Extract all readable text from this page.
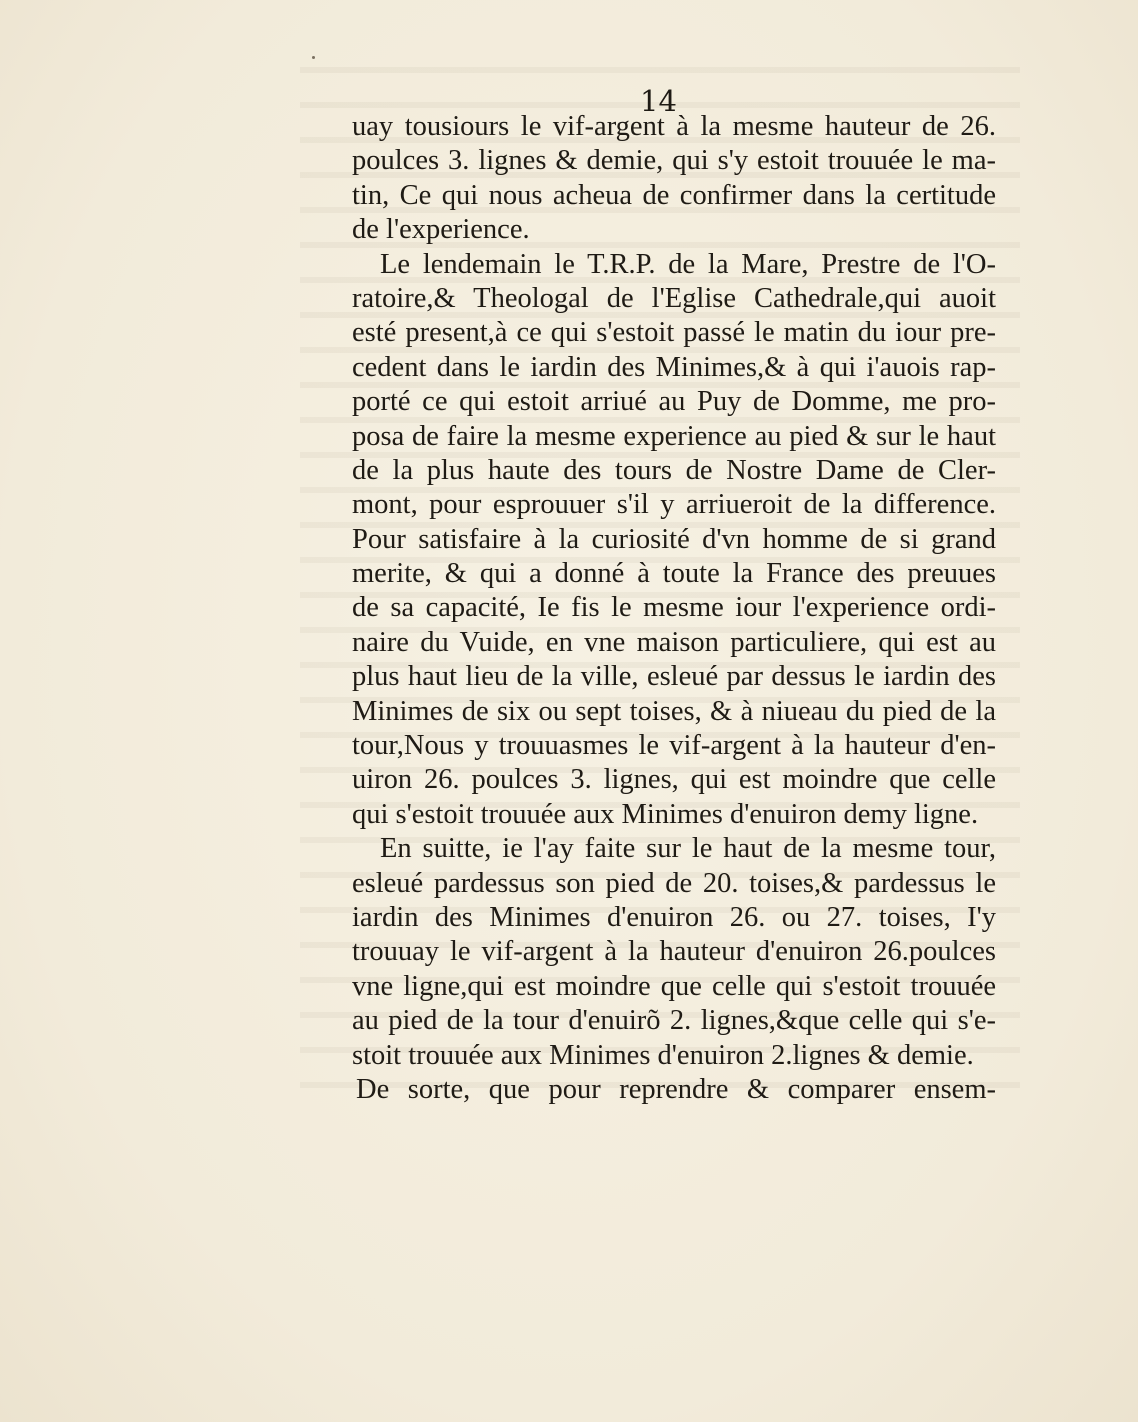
14
uay tousiours le vif-argent à la mesme hauteur de 26.
poulces 3. lignes & demie, qui s'y estoit trouuée le ma-
tin, Ce qui nous acheua de confirmer dans la certitude
de l'experience.
Le lendemain le T.R.P. de la Mare, Prestre de l'O-
ratoire,& Theologal de l'Eglise Cathedrale,qui auoit
esté present,à ce qui s'estoit passé le matin du iour pre-
cedent dans le iardin des Minimes,& à qui i'auois rap-
porté ce qui estoit arriué au Puy de Domme, me pro-
posa de faire la mesme experience au pied & sur le haut
de la plus haute des tours de Nostre Dame de Cler-
mont, pour esprouuer s'il y arriueroit de la difference.
Pour satisfaire à la curiosité d'vn homme de si grand
merite, & qui a donné à toute la France des preuues
de sa capacité, Ie fis le mesme iour l'experience ordi-
naire du Vuide, en vne maison particuliere, qui est au
plus haut lieu de la ville, esleué par dessus le iardin des
Minimes de six ou sept toises, & à niueau du pied de la
tour,Nous y trouuasmes le vif-argent à la hauteur d'en-
uiron 26. poulces 3. lignes, qui est moindre que celle
qui s'estoit trouuée aux Minimes d'enuiron demy ligne.
En suitte, ie l'ay faite sur le haut de la mesme tour,
esleué pardessus son pied de 20. toises,& pardessus le
iardin des Minimes d'enuiron 26. ou 27. toises, I'y
trouuay le vif-argent à la hauteur d'enuiron 26.poulces
vne ligne,qui est moindre que celle qui s'estoit trouuée
au pied de la tour d'enuirõ 2. lignes,&que celle qui s'e-
stoit trouuée aux Minimes d'enuiron 2.lignes & demie.
De sorte, que pour reprendre & comparer ensem-
